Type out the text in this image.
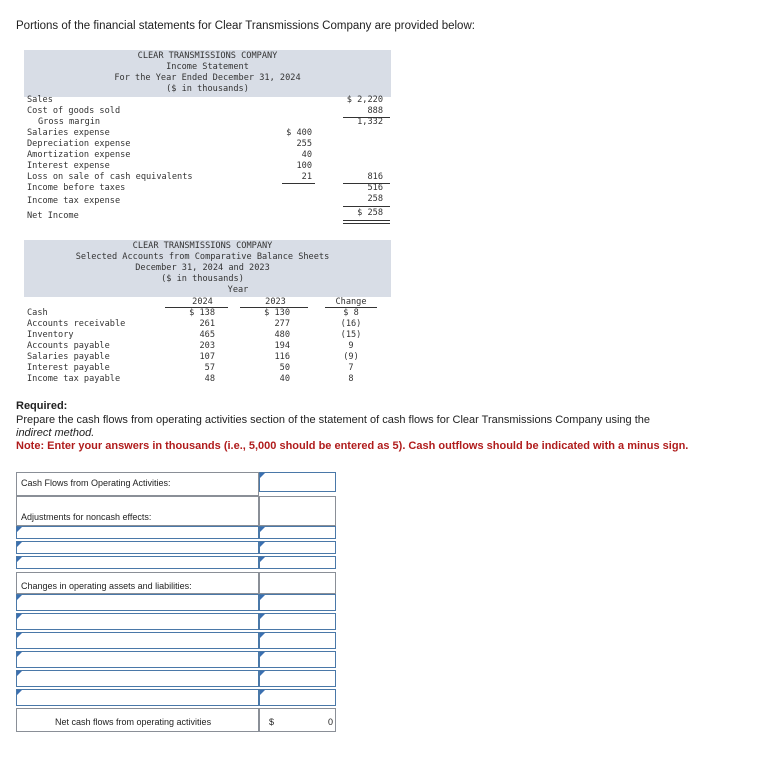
Portions of the financial statements for Clear Transmissions Company are provided below:
CLEAR TRANSMISSIONS COMPANY
Income Statement
For the Year Ended December 31, 2024
($ in thousands)
Sales	$ 2,220
Cost of goods sold	888
Gross margin	1,332
Salaries expense	$ 400
Depreciation expense	255
Amortization expense	40
Interest expense	100
Loss on sale of cash equivalents	21	816
Income before taxes	516
Income tax expense	258
Net Income	$ 258
CLEAR TRANSMISSIONS COMPANY
Selected Accounts from Comparative Balance Sheets
December 31, 2024 and 2023
($ in thousands)
Year
2024	2023	Change
Cash	$ 138	$ 130	$ 8
Accounts receivable	261	277	(16)
Inventory	465	480	(15)
Accounts payable	203	194	9
Salaries payable	107	116	(9)
Interest payable	57	50	7
Income tax payable	48	40	8
Required:
Prepare the cash flows from operating activities section of the statement of cash flows for Clear Transmissions Company using the
indirect method.
Note: Enter your answers in thousands (i.e., 5,000 should be entered as 5). Cash outflows should be indicated with a minus sign.
Cash Flows from Operating Activities:
Adjustments for noncash effects:
Changes in operating assets and liabilities:
Net cash flows from operating activities	$	0
